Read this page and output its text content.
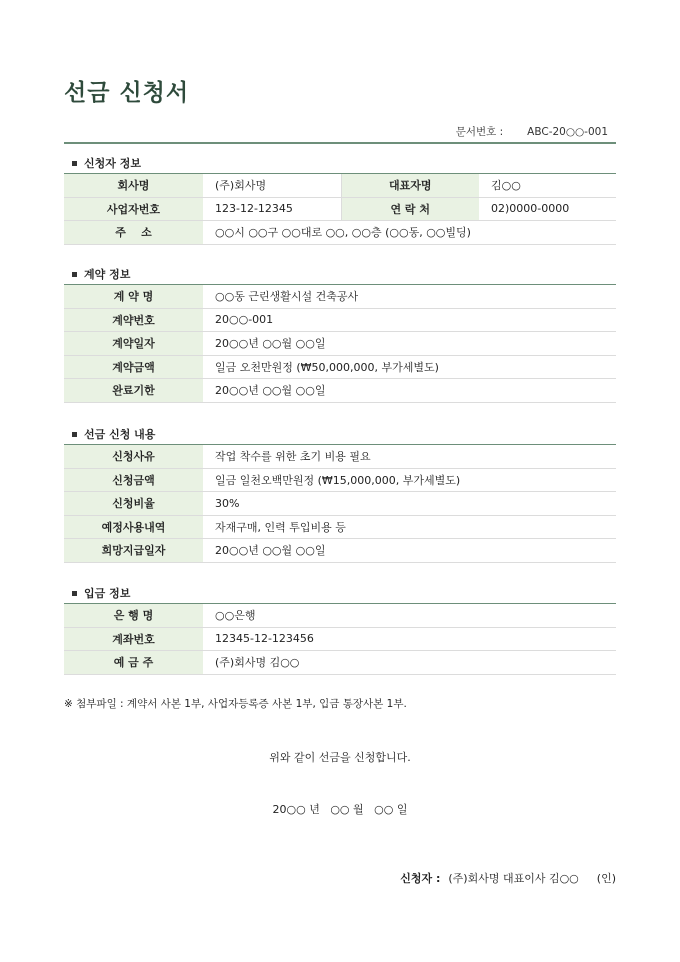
선금 신청서
문서번호 : ABC-20○○-001
신청자 정보
회사명	(주)회사명	대표자명	김○○
사업자번호	123-12-12345	연 락 처	02)0000-0000
주    소	○○시 ○○구 ○○대로 ○○, ○○층 (○○동, ○○빌딩)		
계약 정보
계 약 명	○○동 근린생활시설 건축공사
계약번호	20○○-001
계약일자	20○○년 ○○월 ○○일
계약금액	일금 오천만원정 (₩50,000,000, 부가세별도)
완료기한	20○○년 ○○월 ○○일
선금 신청 내용
신청사유	작업 착수를 위한 초기 비용 필요
신청금액	일금 일천오백만원정 (₩15,000,000, 부가세별도)
신청비율	30%
예정사용내역	자재구매, 인력 투입비용 등
희망지급일자	20○○년 ○○월 ○○일
입금 정보
은 행 명	○○은행
계좌번호	12345-12-123456
예 금 주	(주)회사명 김○○
※ 첨부파일 : 계약서 사본 1부, 사업자등록증 사본 1부, 입금 통장사본 1부.
위와 같이 선금을 신청합니다.
20○○ 년   ○○ 월   ○○ 일
신청자 : (주)회사명 대표이사 김○○ (인)
